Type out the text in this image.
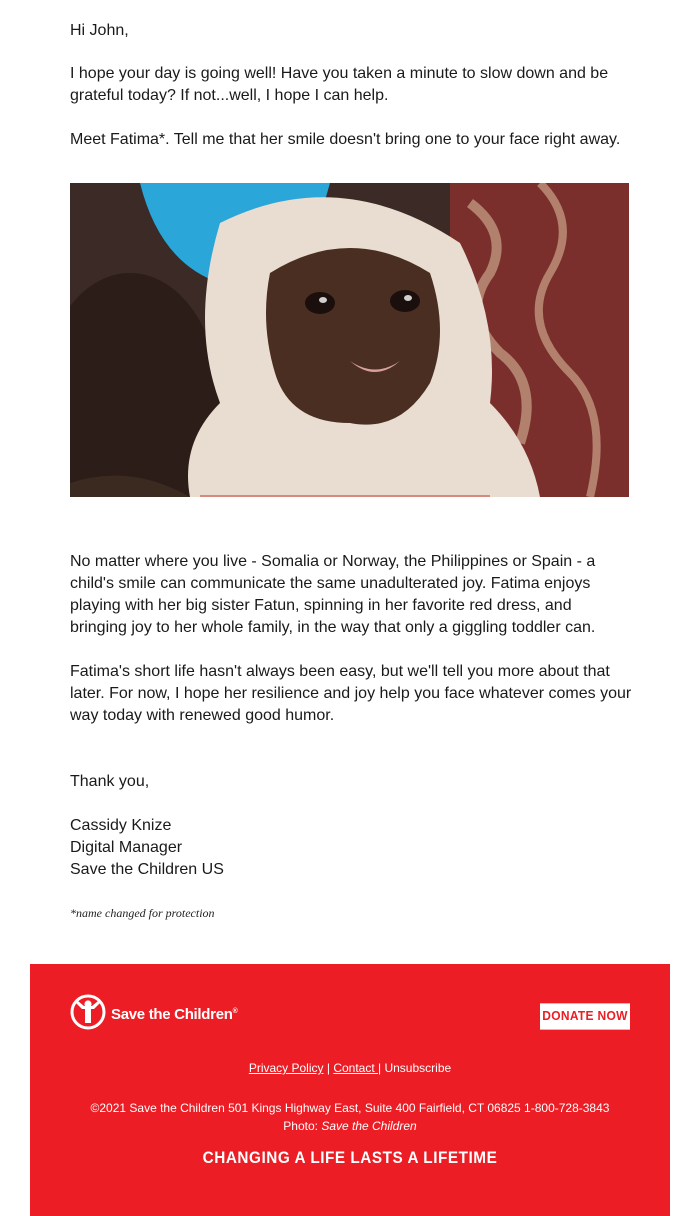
Hi John,

I hope your day is going well! Have you taken a minute to slow down and be grateful today? If not...well, I hope I can help.

Meet Fatima*. Tell me that her smile doesn't bring one to your face right away.

No matter where you live - Somalia or Norway, the Philippines or Spain - a child's smile can communicate the same unadulterated joy. Fatima enjoys playing with her big sister Fatun, spinning in her favorite red dress, and bringing joy to her whole family, in the way that only a giggling toddler can.

Fatima's short life hasn't always been easy, but we'll tell you more about that later. For now, I hope her resilience and joy help you face whatever comes your way today with renewed good humor.

Thank you,

Cassidy Knize
Digital Manager
Save the Children US
*name changed for protection
Save the Children®	DONATE NOW
Privacy Policy | Contact | Unsubscribe
©2021 Save the Children 501 Kings Highway East, Suite 400 Fairfield, CT 06825 1-800-728-3843
Photo: Save the Children
CHANGING A LIFE LASTS A LIFETIME
